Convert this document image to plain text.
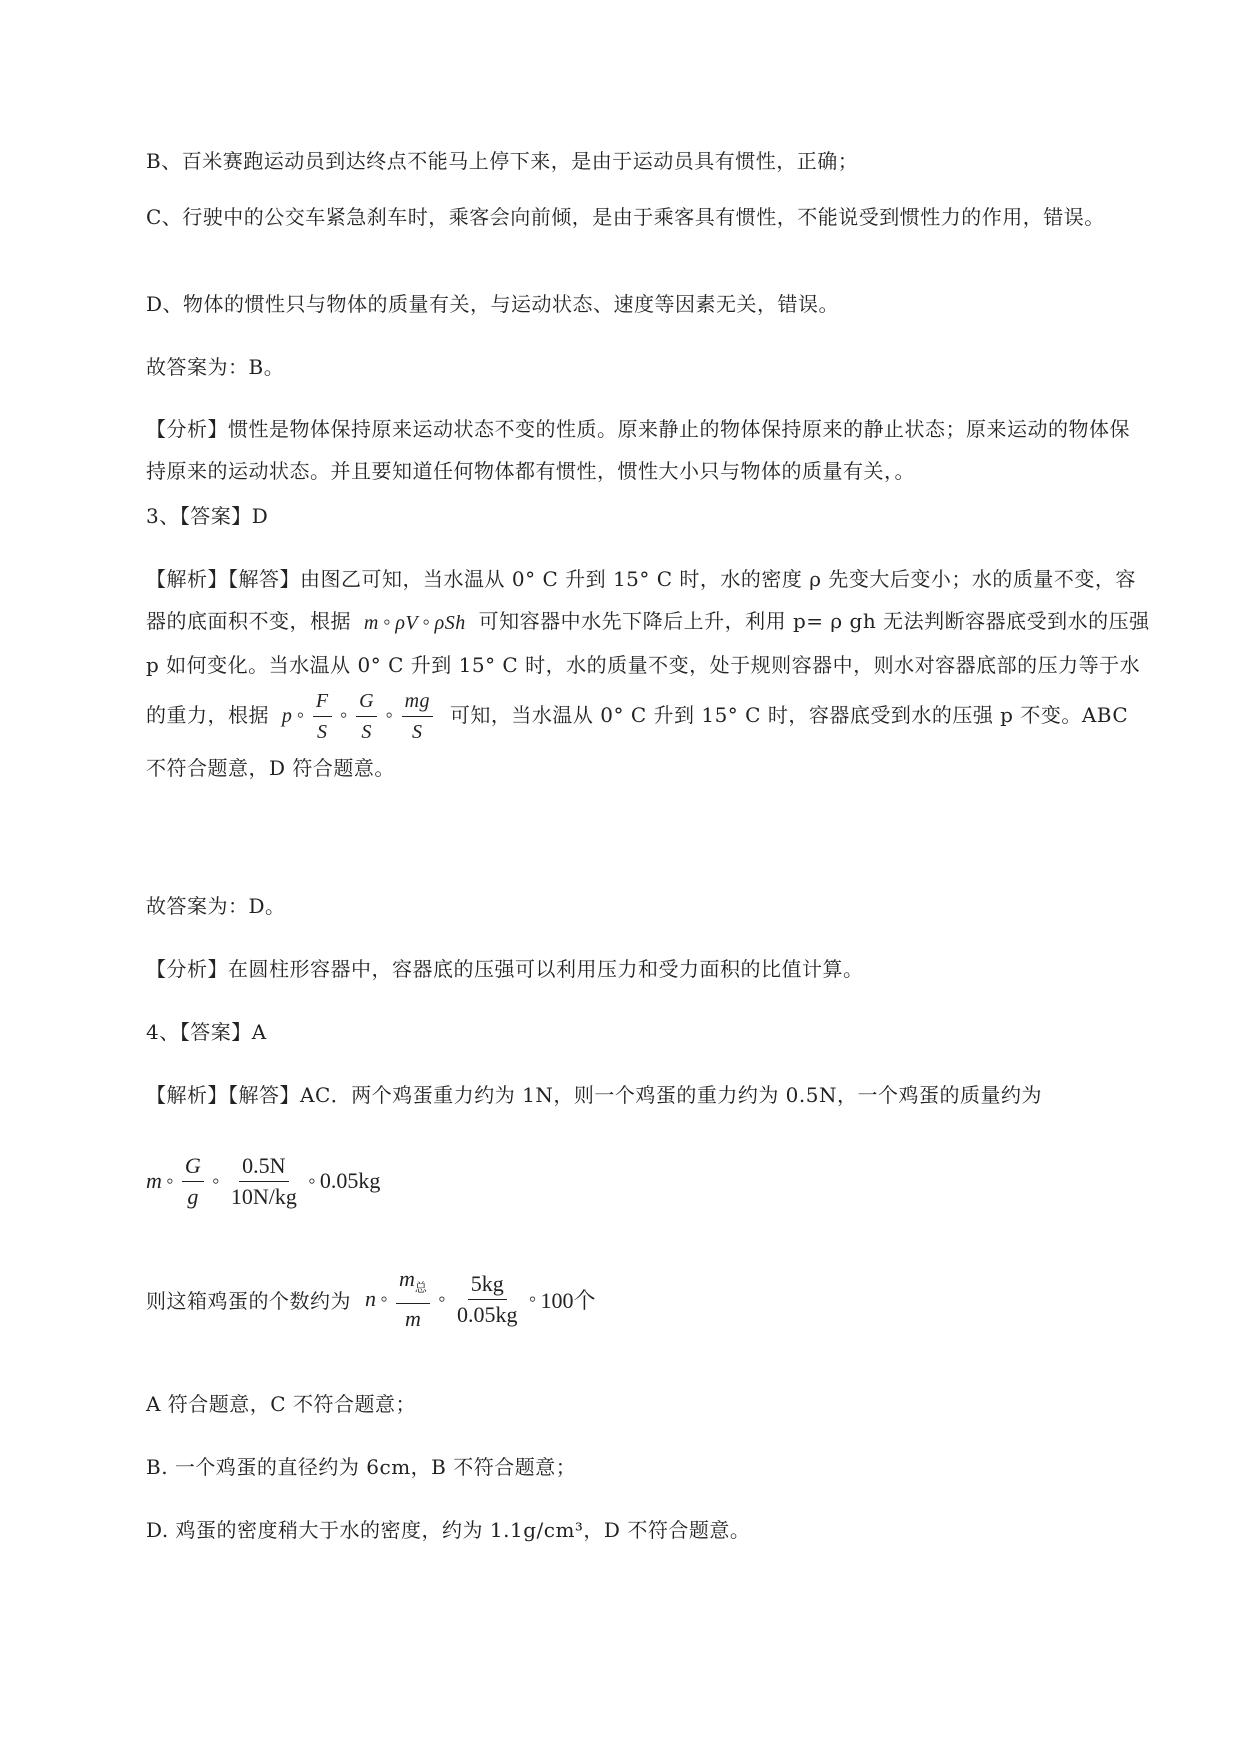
B、百米赛跑运动员到达终点不能马上停下来，是由于运动员具有惯性，正确；

C、行驶中的公交车紧急刹车时，乘客会向前倾，是由于乘客具有惯性，不能说受到惯性力的作用，错误。

D、物体的惯性只与物体的质量有关，与运动状态、速度等因素无关，错误。

故答案为：B。

【分析】惯性是物体保持原来运动状态不变的性质。原来静止的物体保持原来的静止状态；原来运动的物体保持原来的运动状态。并且要知道任何物体都有惯性，惯性大小只与物体的质量有关，。

3、【答案】D

【解析】【解答】由图乙可知，当水温从 0° C 升到 15° C 时，水的密度 ρ 先变大后变小；水的质量不变，容器的底面积不变，根据 m ⸰ ρV ⸰ ρSh 可知容器中水先下降后上升，利用 p= ρ gh 无法判断容器底受到水的压强 p 如何变化。当水温从 0° C 升到 15° C 时，水的质量不变，处于规则容器中，则水对容器底部的压力等于水的重力，根据 p ⸰ $\frac{F}{S}$ ⸰ $\frac{G}{S}$ ⸰ $\frac{mg}{S}$ 可知，当水温从 0° C 升到 15° C 时，容器底受到水的压强 p 不变。ABC 不符合题意，D 符合题意。

故答案为：D。

【分析】在圆柱形容器中，容器底的压强可以利用压力和受力面积的比值计算。

4、【答案】A

【解析】【解答】AC．两个鸡蛋重力约为 1N，则一个鸡蛋的重力约为 0.5N，一个鸡蛋的质量约为

m ⸰ $\frac{G}{g}$ ⸰ $\frac{0.5N}{10N/kg}$ ⸰ 0.05kg
则这箱鸡蛋的个数约为 n ⸰ $\frac{m_总}{m}$ ⸰ $\frac{5kg}{0.05kg}$ ⸰ 100个

A 符合题意，C 不符合题意；

B. 一个鸡蛋的直径约为 6cm，B 不符合题意；

D. 鸡蛋的密度稍大于水的密度，约为 1.1g/cm³，D 不符合题意。
